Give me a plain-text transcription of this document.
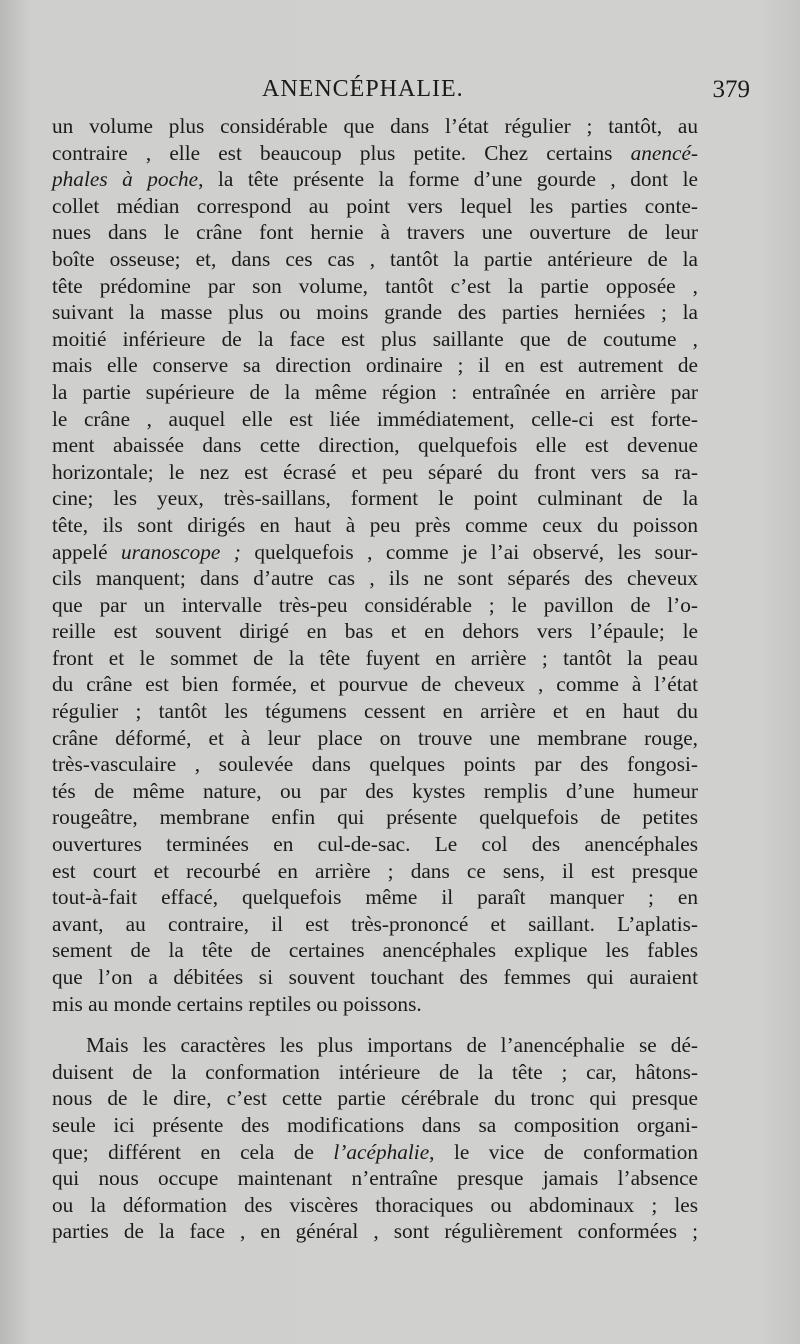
ANENCÉPHALIE.	379
un volume plus considérable que dans l’état régulier ; tantôt, au
contraire , elle est beaucoup plus petite. Chez certains anencé-
phales à poche, la tête présente la forme d’une gourde , dont le
collet médian correspond au point vers lequel les parties conte-
nues dans le crâne font hernie à travers une ouverture de leur
boîte osseuse; et, dans ces cas , tantôt la partie antérieure de la
tête prédomine par son volume, tantôt c’est la partie opposée ,
suivant la masse plus ou moins grande des parties herniées ; la
moitié inférieure de la face est plus saillante que de coutume ,
mais elle conserve sa direction ordinaire ; il en est autrement de
la partie supérieure de la même région : entraînée en arrière par
le crâne , auquel elle est liée immédiatement, celle-ci est forte-
ment abaissée dans cette direction, quelquefois elle est devenue
horizontale; le nez est écrasé et peu séparé du front vers sa ra-
cine; les yeux, très-saillans, forment le point culminant de la
tête, ils sont dirigés en haut à peu près comme ceux du poisson
appelé uranoscope ; quelquefois , comme je l’ai observé, les sour-
cils manquent; dans d’autre cas , ils ne sont séparés des cheveux
que par un intervalle très-peu considérable ; le pavillon de l’o-
reille est souvent dirigé en bas et en dehors vers l’épaule; le
front et le sommet de la tête fuyent en arrière ; tantôt la peau
du crâne est bien formée, et pourvue de cheveux , comme à l’état
régulier ; tantôt les tégumens cessent en arrière et en haut du
crâne déformé, et à leur place on trouve une membrane rouge,
très-vasculaire , soulevée dans quelques points par des fongosi-
tés de même nature, ou par des kystes remplis d’une humeur
rougeâtre, membrane enfin qui présente quelquefois de petites
ouvertures terminées en cul-de-sac. Le col des anencéphales
est court et recourbé en arrière ; dans ce sens, il est presque
tout-à-fait effacé, quelquefois même il paraît manquer ; en
avant, au contraire, il est très-prononcé et saillant. L’aplatis-
sement de la tête de certaines anencéphales explique les fables
que l’on a débitées si souvent touchant des femmes qui auraient
mis au monde certains reptiles ou poissons.
Mais les caractères les plus importans de l’anencéphalie se dé-
duisent de la conformation intérieure de la tête ; car, hâtons-
nous de le dire, c’est cette partie cérébrale du tronc qui presque
seule ici présente des modifications dans sa composition organi-
que; différent en cela de l’acéphalie, le vice de conformation
qui nous occupe maintenant n’entraîne presque jamais l’absence
ou la déformation des viscères thoraciques ou abdominaux ; les
parties de la face , en général , sont régulièrement conformées ;
